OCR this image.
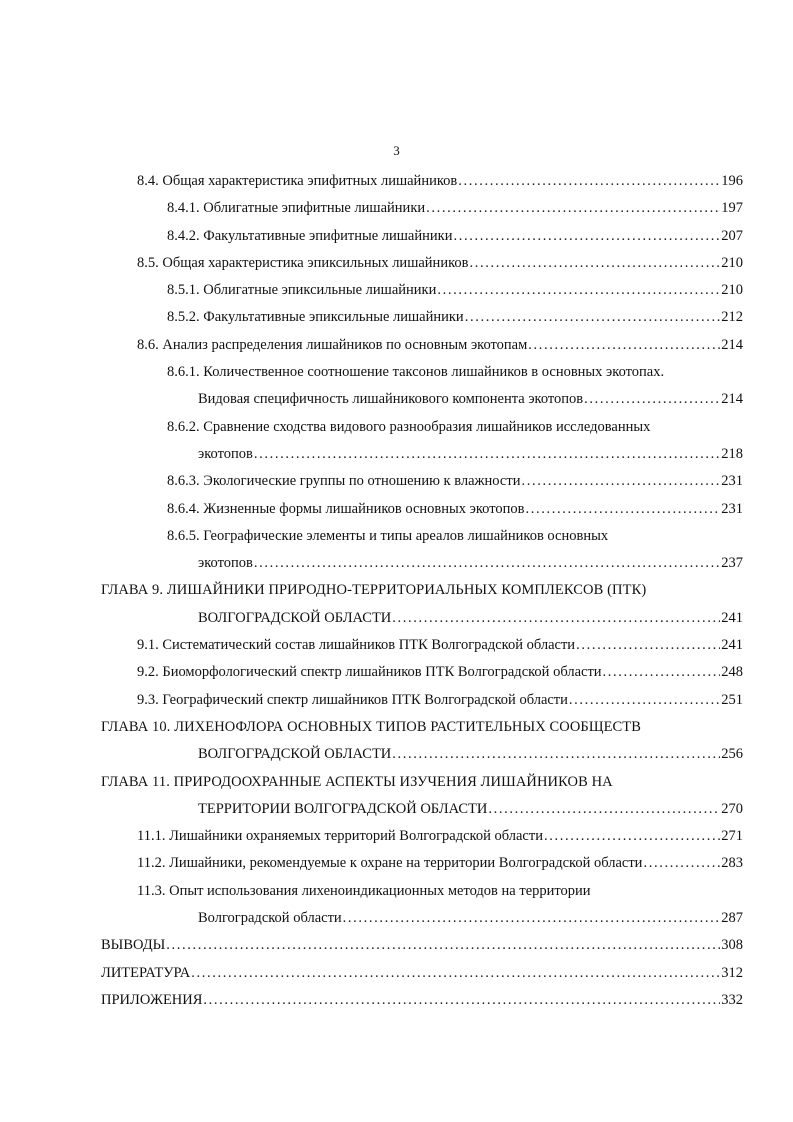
3
8.4. Общая характеристика эпифитных лишайников . . .	196
8.4.1. Облигатные эпифитные лишайники . . .	197
8.4.2. Факультативные эпифитные лишайники . . .	207
8.5. Общая характеристика эпиксильных лишайников . . .	210
8.5.1. Облигатные эпиксильные лишайники . . .	210
8.5.2. Факультативные эпиксильные лишайники . . .	212
8.6. Анализ распределения лишайников по основным экотопам . . .	214
8.6.1. Количественное соотношение таксонов лишайников в основных экотопах.
Видовая специфичность лишайникового компонента экотопов . . .	214
8.6.2. Сравнение сходства видового разнообразия лишайников исследованных
экотопов . . .	218
8.6.3. Экологические группы по отношению к влажности . . .	231
8.6.4. Жизненные формы лишайников основных экотопов . . .	231
8.6.5. Географические элементы и типы ареалов лишайников основных
экотопов . . .	237
ГЛАВА 9. ЛИШАЙНИКИ ПРИРОДНО-ТЕРРИТОРИАЛЬНЫХ КОМПЛЕКСОВ (ПТК)
ВОЛГОГРАДСКОЙ ОБЛАСТИ . . .	241
9.1. Систематический состав лишайников ПТК Волгоградской области . . .	241
9.2. Биоморфологический спектр лишайников ПТК Волгоградской области . . .	248
9.3. Географический спектр лишайников ПТК Волгоградской области . . .	251
ГЛАВА 10. ЛИХЕНОФЛОРА ОСНОВНЫХ ТИПОВ РАСТИТЕЛЬНЫХ СООБЩЕСТВ
ВОЛГОГРАДСКОЙ ОБЛАСТИ . . .	256
ГЛАВА 11. ПРИРОДООХРАННЫЕ АСПЕКТЫ ИЗУЧЕНИЯ ЛИШАЙНИКОВ НА
ТЕРРИТОРИИ ВОЛГОГРАДСКОЙ ОБЛАСТИ . . .	270
11.1. Лишайники охраняемых территорий Волгоградской области . . .	271
11.2. Лишайники, рекомендуемые к охране на территории Волгоградской области . . .	283
11.3. Опыт использования лихеноиндикационных методов на территории
Волгоградской области . . .	287
ВЫВОДЫ . . .	308
ЛИТЕРАТУРА . . .	312
ПРИЛОЖЕНИЯ . . .	332
